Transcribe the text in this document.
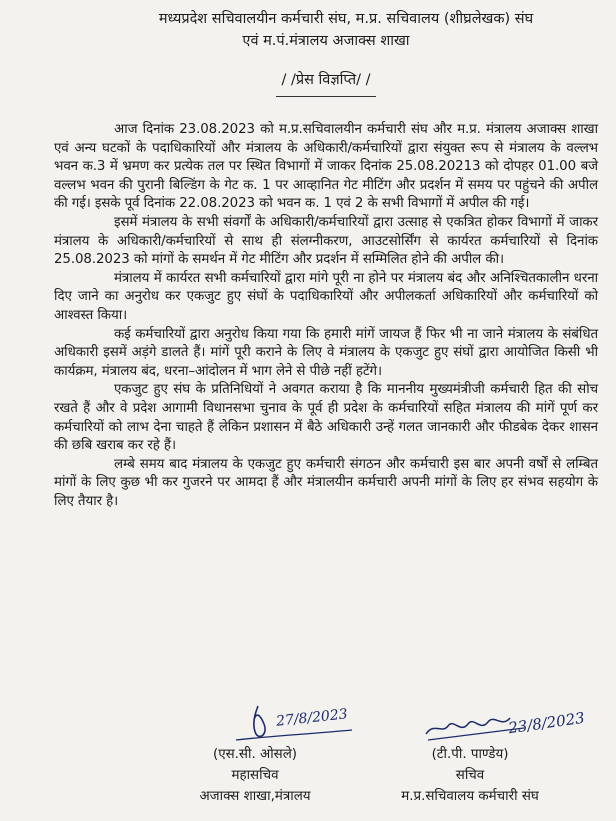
मध्यप्रदेश सचिवालयीन कर्मचारी संघ, म.प्र. सचिवालय (शीघ्रलेखक) संघ
एवं म.पं.मंत्रालय अजाक्स शाखा
/ /प्रेस विज्ञप्ति/ /

आज दिनांक 23.08.2023 को म.प्र.सचिवालयीन कर्मचारी संघ और म.प्र. मंत्रालय अजाक्स शाखा एवं अन्य घटकों के पदाधिकारियों और मंत्रालय के अधिकारी/कर्मचारियों द्वारा संयुक्त रूप से मंत्रालय के वल्लभ भवन क.3 में भ्रमण कर प्रत्येक तल पर स्थित विभागों में जाकर दिनांक 25.08.20213 को दोपहर 01.00 बजे वल्लभ भवन की पुरानी बिल्डिंग के गेट क. 1 पर आव्हानित गेट मीटिंग और प्रदर्शन में समय पर पहुंचने की अपील की गई। इसके पूर्व दिनांक 22.08.2023 को भवन क. 1 एवं 2 के सभी विभागों में अपील की गई।

इसमें मंत्रालय के सभी संवर्गों के अधिकारी/कर्मचारियों द्वारा उत्साह से एकत्रित होकर विभागों में जाकर मंत्रालय के अधिकारी/कर्मचारियों से साथ ही संलग्नीकरण, आउटसोर्सिंग से कार्यरत कर्मचारियों से दिनांक 25.08.2023 को मांगों के समर्थन में गेट मीटिंग और प्रदर्शन में सम्मिलित होने की अपील की।

मंत्रालय में कार्यरत सभी कर्मचारियों द्वारा मांगे पूरी ना होने पर मंत्रालय बंद और अनिश्चितकालीन धरना दिए जाने का अनुरोध कर एकजुट हुए संघों के पदाधिकारियों और अपीलकर्ता अधिकारियों और कर्मचारियों को आश्वस्त किया।

कई कर्मचारियों द्वारा अनुरोध किया गया कि हमारी मांगें जायज हैं फिर भी ना जाने मंत्रालय के संबंधित अधिकारी इसमें अड़ंगे डालते हैं। मांगें पूरी कराने के लिए वे मंत्रालय के एकजुट हुए संघों द्वारा आयोजित किसी भी कार्यक्रम, मंत्रालय बंद, धरना–आंदोलन में भाग लेने से पीछे नहीं हटेंगे।

एकजुट हुए संघ के प्रतिनिधियों ने अवगत कराया है कि माननीय मुख्यमंत्रीजी कर्मचारी हित की सोच रखते हैं और वे प्रदेश आगामी विधानसभा चुनाव के पूर्व ही प्रदेश के कर्मचारियों सहित मंत्रालय की मांगें पूर्ण कर कर्मचारियों को लाभ देना चाहते हैं लेकिन प्रशासन में बैठे अधिकारी उन्हें गलत जानकारी और फीडबेक देकर शासन की छबि खराब कर रहे हैं।

लम्बे समय बाद मंत्रालय के एकजुट हुए कर्मचारी संगठन और कर्मचारी इस बार अपनी वर्षों से लम्बित मांगों के लिए कुछ भी कर गुजरने पर आमदा हैं और मंत्रालयीन कर्मचारी अपनी मांगों के लिए हर संभव सहयोग के लिए तैयार है।

27/8/2023	23/8/2023
(एस.सी. ओसले)
महासचिव
अजाक्स शाखा,मंत्रालय
(टी.पी. पाण्डेय)
सचिव
म.प्र.सचिवालय कर्मचारी संघ
